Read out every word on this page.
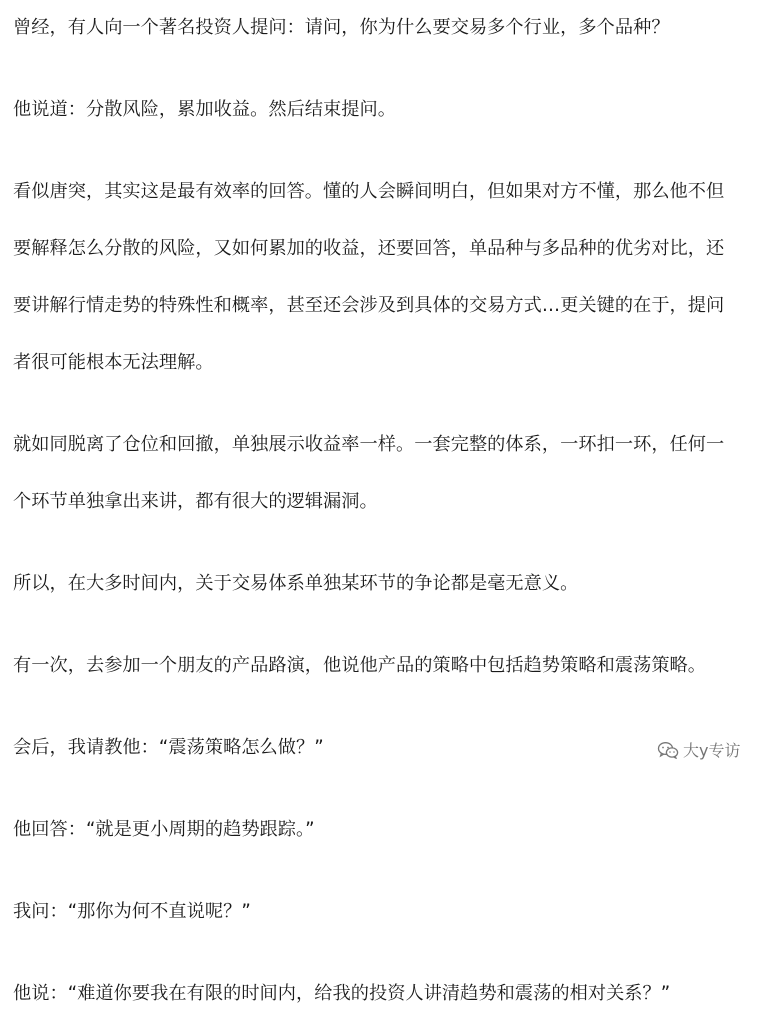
曾经，有人向一个著名投资人提问：请问，你为什么要交易多个行业，多个品种？

他说道：分散风险，累加收益。然后结束提问。

看似唐突，其实这是最有效率的回答。懂的人会瞬间明白，但如果对方不懂，那么他不但
要解释怎么分散的风险，又如何累加的收益，还要回答，单品种与多品种的优劣对比，还
要讲解行情走势的特殊性和概率，甚至还会涉及到具体的交易方式…更关键的在于，提问
者很可能根本无法理解。

就如同脱离了仓位和回撤，单独展示收益率一样。一套完整的体系，一环扣一环，任何一
个环节单独拿出来讲，都有很大的逻辑漏洞。

所以，在大多时间内，关于交易体系单独某环节的争论都是毫无意义。

有一次，去参加一个朋友的产品路演，他说他产品的策略中包括趋势策略和震荡策略。

会后，我请教他：“震荡策略怎么做？”

他回答：“就是更小周期的趋势跟踪。”

我问：“那你为何不直说呢？”

他说：“难道你要我在有限的时间内，给我的投资人讲清趋势和震荡的相对关系？”

大y专访
